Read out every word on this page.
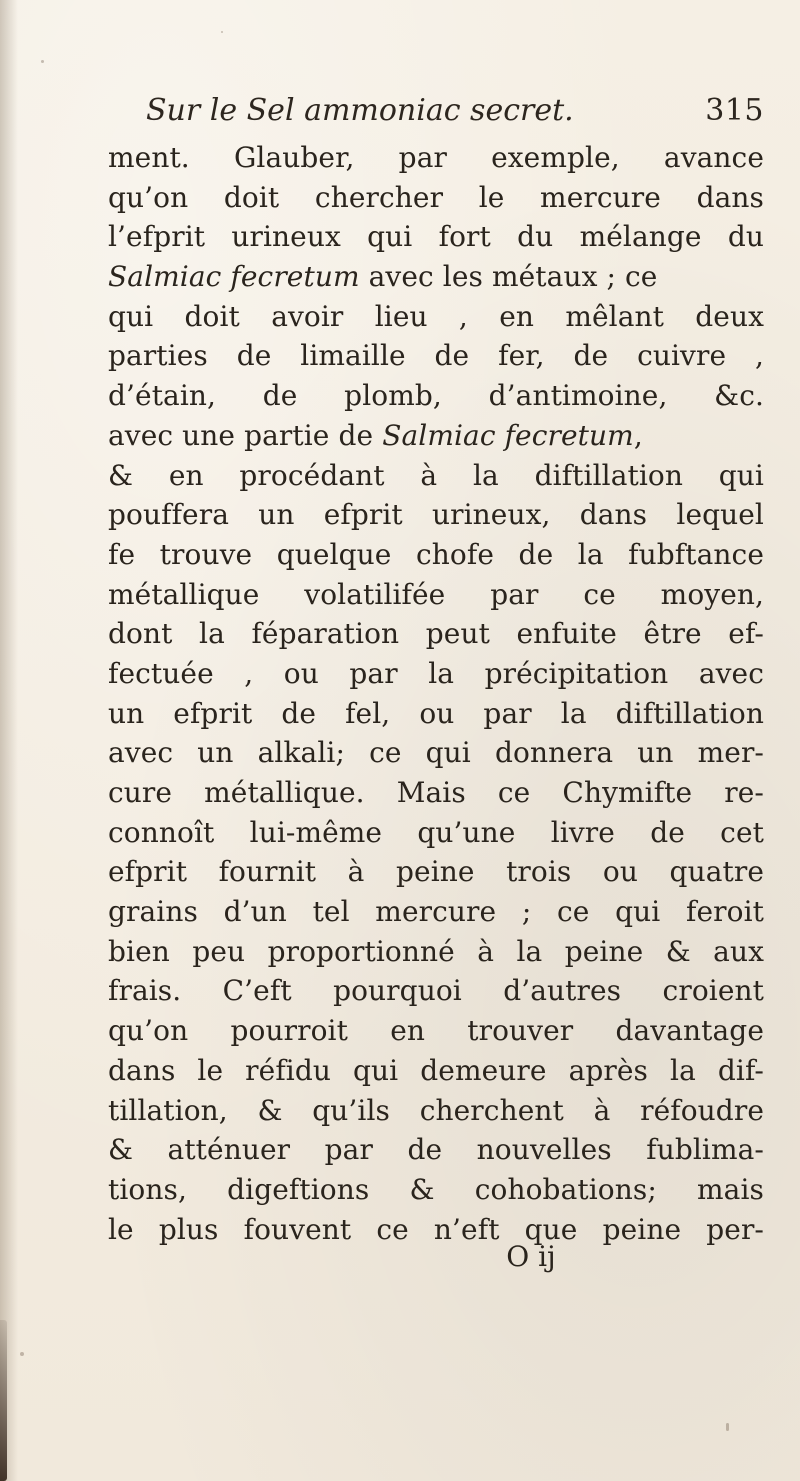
Sur le Sel ammoniac secret.	315
ment. Glauber, par exemple, avance
qu’on doit chercher le mercure dans
l’efprit urineux qui fort du mélange du
Salmiac fecretum avec les métaux ; ce
qui doit avoir lieu , en mêlant deux
parties de limaille de fer, de cuivre ,
d’étain, de plomb, d’antimoine, &c.
avec une partie de Salmiac fecretum,
& en procédant à la diftillation qui
pouffera un efprit urineux, dans lequel
fe trouve quelque chofe de la fubftance
métallique volatilifée par ce moyen,
dont la féparation peut enfuite être ef-
fectuée , ou par la précipitation avec
un efprit de fel, ou par la diftillation
avec un alkali; ce qui donnera un mer-
cure métallique. Mais ce Chymifte re-
connoît lui-même qu’une livre de cet
efprit fournit à peine trois ou quatre
grains d’un tel mercure ; ce qui feroit
bien peu proportionné à la peine & aux
frais. C’eft pourquoi d’autres croient
qu’on pourroit en trouver davantage
dans le réfidu qui demeure après la dif-
tillation, & qu’ils cherchent à réfoudre
& atténuer par de nouvelles fublima-
tions, digeftions & cohobations; mais
le plus fouvent ce n’eft que peine per-
O ij
